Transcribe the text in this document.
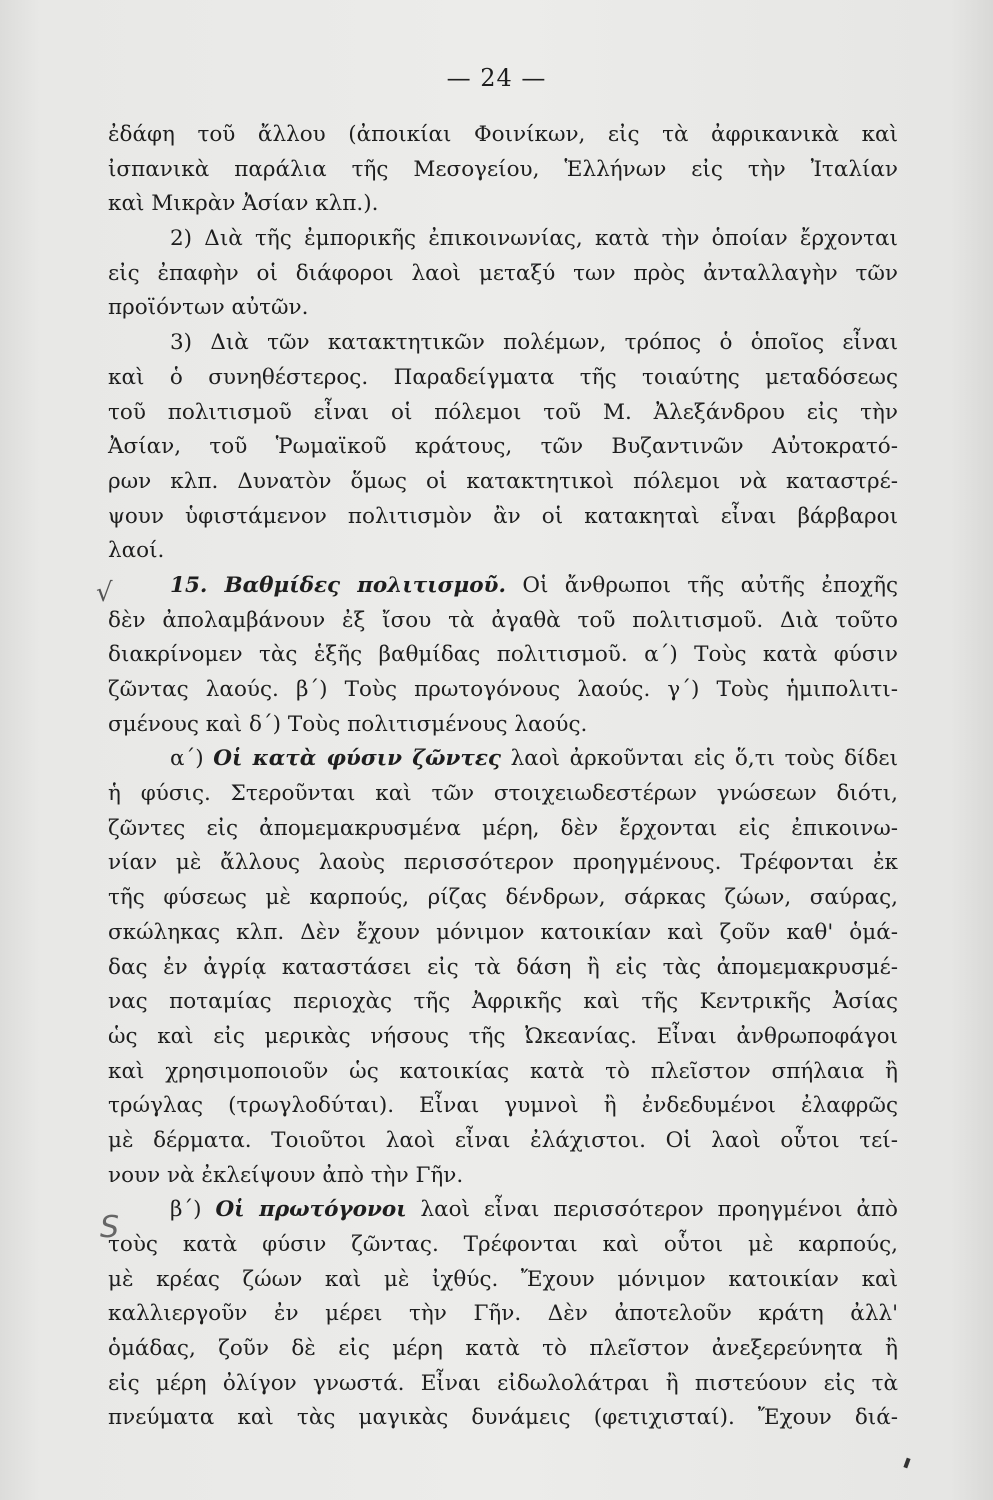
— 24 —
ἐδάφη τοῦ ἄλλου (ἀποικίαι Φοινίκων, εἰς τὰ ἀφρικανικὰ καὶ
ἰσπανικὰ παράλια τῆς Μεσογείου, Ἑλλήνων εἰς τὴν Ἰταλίαν
καὶ Μικρὰν Ἀσίαν κλπ.).
2) Διὰ τῆς ἐμπορικῆς ἐπικοινωνίας, κατὰ τὴν ὁποίαν ἔρχονται
εἰς ἐπαφὴν οἱ διάφοροι λαοὶ μεταξύ των πρὸς ἀνταλλαγὴν τῶν
προϊόντων αὐτῶν.
3) Διὰ τῶν κατακτητικῶν πολέμων, τρόπος ὁ ὁποῖος εἶναι
καὶ ὁ συνηθέστερος. Παραδείγματα τῆς τοιαύτης μεταδόσεως
τοῦ πολιτισμοῦ εἶναι οἱ πόλεμοι τοῦ Μ. Ἀλεξάνδρου εἰς τὴν
Ἀσίαν, τοῦ Ῥωμαϊκοῦ κράτους, τῶν Βυζαντινῶν Αὐτοκρατό-
ρων κλπ. Δυνατὸν ὅμως οἱ κατακτητικοὶ πόλεμοι νὰ καταστρέ-
ψουν ὑφιστάμενον πολιτισμὸν ἂν οἱ κατακηταὶ εἶναι βάρβαροι
λαοί.
15. Βαθμίδες πολιτισμοῦ. Οἱ ἄνθρωποι τῆς αὐτῆς ἐποχῆς
δὲν ἀπολαμβάνουν ἐξ ἴσου τὰ ἀγαθὰ τοῦ πολιτισμοῦ. Διὰ τοῦτο
διακρίνομεν τὰς ἑξῆς βαθμίδας πολιτισμοῦ. α΄) Τοὺς κατὰ φύσιν
ζῶντας λαούς. β΄) Τοὺς πρωτογόνους λαούς. γ΄) Τοὺς ἡμιπολιτι-
σμένους καὶ δ΄) Τοὺς πολιτισμένους λαούς.
α΄) Οἱ κατὰ φύσιν ζῶντες λαοὶ ἀρκοῦνται εἰς ὅ,τι τοὺς δίδει
ἡ φύσις. Στεροῦνται καὶ τῶν στοιχειωδεστέρων γνώσεων διότι,
ζῶντες εἰς ἀπομεμακρυσμένα μέρη, δὲν ἔρχονται εἰς ἐπικοινω-
νίαν μὲ ἄλλους λαοὺς περισσότερον προηγμένους. Τρέφονται ἐκ
τῆς φύσεως μὲ καρπούς, ρίζας δένδρων, σάρκας ζώων, σαύρας,
σκώληκας κλπ. Δὲν ἔχουν μόνιμον κατοικίαν καὶ ζοῦν καθ' ὁμά-
δας ἐν ἀγρίᾳ καταστάσει εἰς τὰ δάση ἢ εἰς τὰς ἀπομεμακρυσμέ-
νας ποταμίας περιοχὰς τῆς Ἀφρικῆς καὶ τῆς Κεντρικῆς Ἀσίας
ὡς καὶ εἰς μερικὰς νήσους τῆς Ὠκεανίας. Εἶναι ἀνθρωποφάγοι
καὶ χρησιμοποιοῦν ὡς κατοικίας κατὰ τὸ πλεῖστον σπήλαια ἢ
τρώγλας (τρωγλοδύται). Εἶναι γυμνοὶ ἢ ἐνδεδυμένοι ἐλαφρῶς
μὲ δέρματα. Τοιοῦτοι λαοὶ εἶναι ἐλάχιστοι. Οἱ λαοὶ οὗτοι τεί-
νουν νὰ ἐκλείψουν ἀπὸ τὴν Γῆν.
β΄) Οἱ πρωτόγονοι λαοὶ εἶναι περισσότερον προηγμένοι ἀπὸ
τοὺς κατὰ φύσιν ζῶντας. Τρέφονται καὶ οὗτοι μὲ καρπούς,
μὲ κρέας ζώων καὶ μὲ ἰχθύς. Ἔχουν μόνιμον κατοικίαν καὶ
καλλιεργοῦν ἐν μέρει τὴν Γῆν. Δὲν ἀποτελοῦν κράτη ἀλλ'
ὁμάδας, ζοῦν δὲ εἰς μέρη κατὰ τὸ πλεῖστον ἀνεξερεύνητα ἢ
εἰς μέρη ὀλίγον γνωστά. Εἶναι εἰδωλολάτραι ἢ πιστεύουν εἰς τὰ
πνεύματα καὶ τὰς μαγικὰς δυνάμεις (φετιχισταί). Ἔχουν διά-
√
S
